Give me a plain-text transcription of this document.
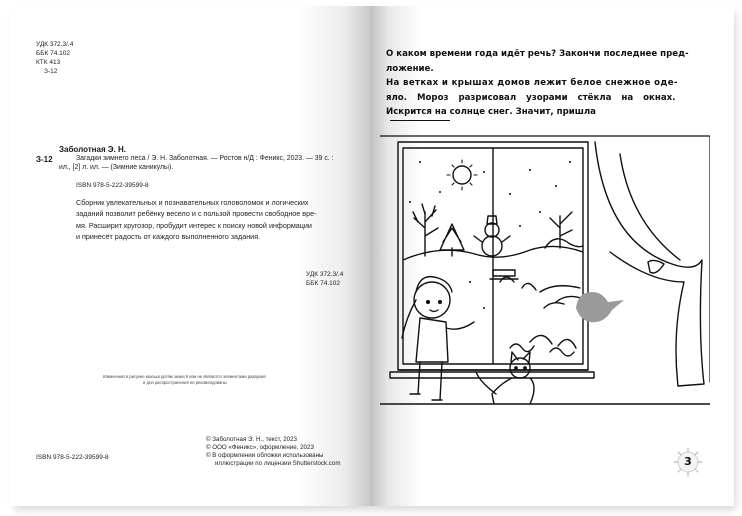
УДК 372.3/.4
ББК 74.102
КТК 413
З-12
Заболотная Э. Н.
З-12	Загадки зимнего леса / Э. Н. Заболотная. — Ростов н/Д : Феникс, 2023. — 39 с. :
ил., [2] л. ил. — (Зимние каникулы).
ISBN 978-5-222-39599-8
Сборник увлекательных и познавательных головоломок и логических
заданий позволит ребёнку весело и с пользой провести свободное вре-
мя. Расширит кругозор, пробудит интерес к поиску новой информации
и принесёт радость от каждого выполненного задания.
УДК 372.3/.4
ББК 74.102
Изменения в рисунке малыш детям знаки 5 ком не являются элементами разархия
и для распространения не рекомендованы
ISBN 978-5-222-39599-8
© Заболотная Э. Н., текст, 2023
© ООО «Феникс», оформление, 2023
© В оформлении обложки использованы
иллюстрации по лицензии Shutterstock.com
О каком времени года идёт речь? Закончи последнее пред-
ложение.
На ветках и крышах домов лежит белое снежное оде-
яло. Мороз разрисовал узорами стёкла на окнах.
Искрится на солнце снег. Значит, пришла
3
